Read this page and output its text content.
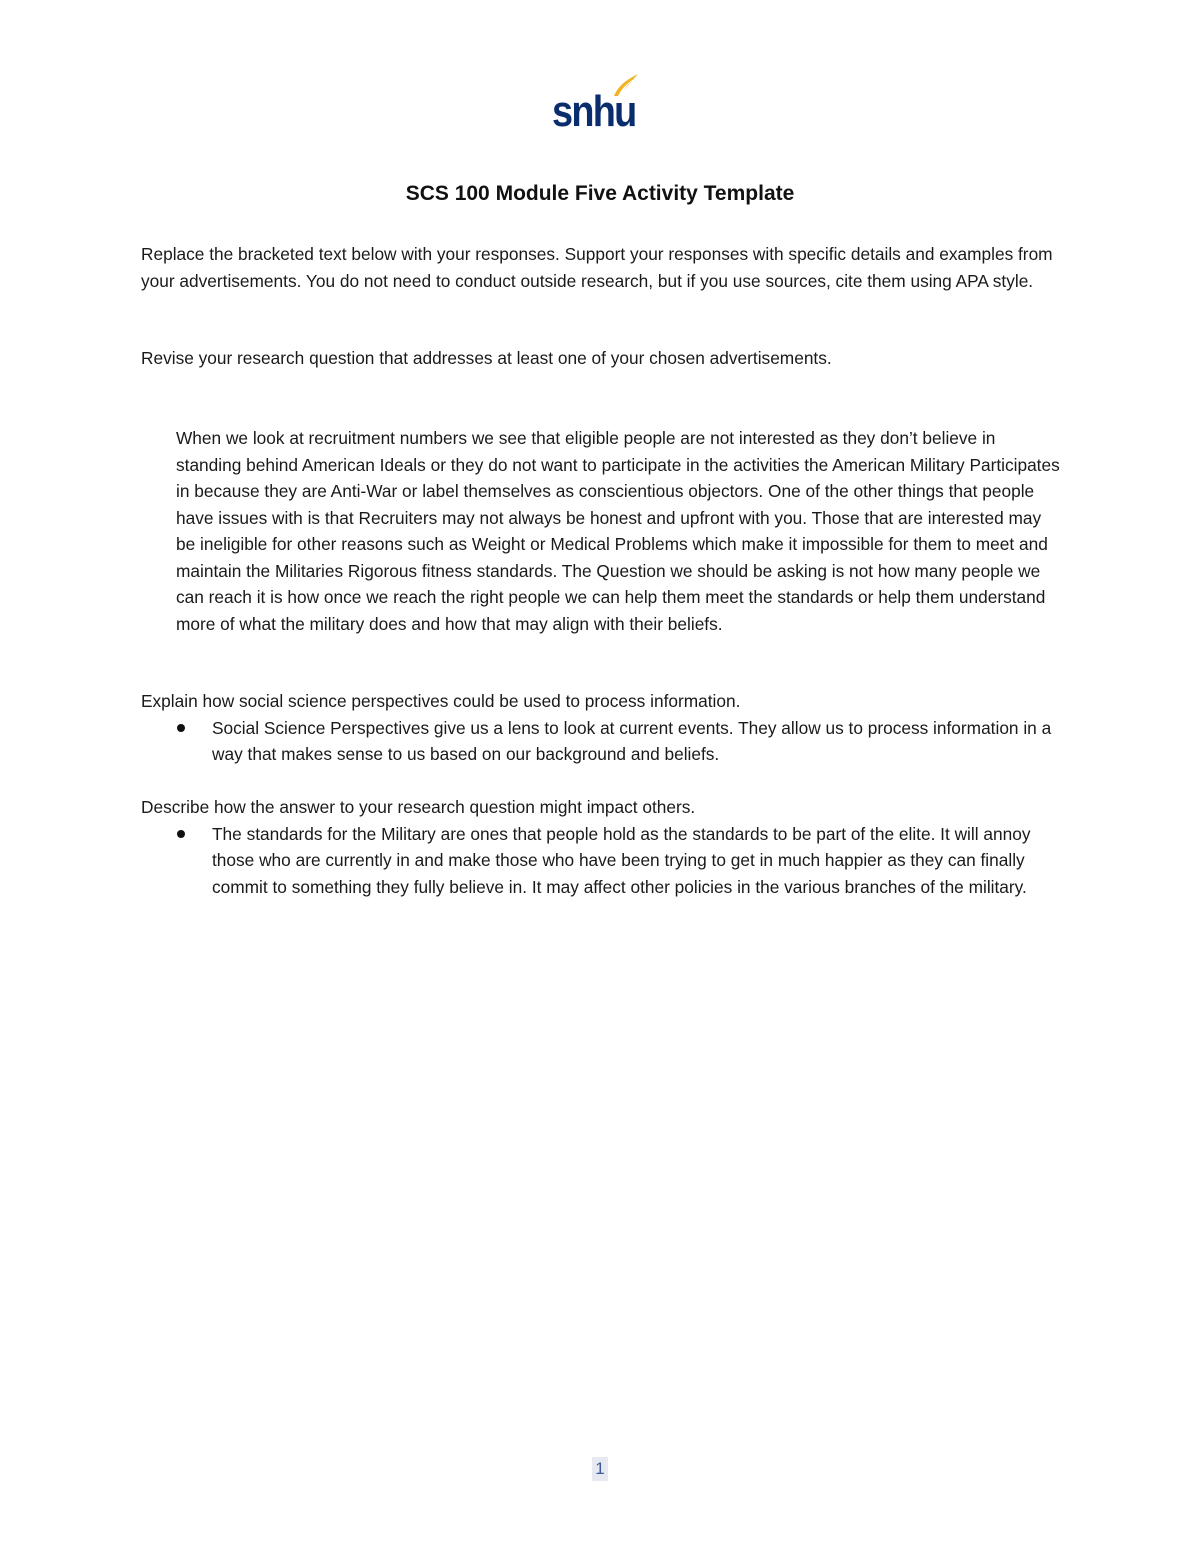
snhu
SCS 100 Module Five Activity Template

Replace the bracketed text below with your responses. Support your responses with specific details and examples from your advertisements. You do not need to conduct outside research, but if you use sources, cite them using APA style.

Revise your research question that addresses at least one of your chosen advertisements.

When we look at recruitment numbers we see that eligible people are not interested as they don’t believe in standing behind American Ideals or they do not want to participate in the activities the American Military Participates in because they are Anti-War or label themselves as conscientious objectors. One of the other things that people have issues with is that Recruiters may not always be honest and upfront with you. Those that are interested may be ineligible for other reasons such as Weight or Medical Problems which make it impossible for them to meet and maintain the Militaries Rigorous fitness standards. The Question we should be asking is not how many people we can reach it is how once we reach the right people we can help them meet the standards or help them understand more of what the military does and how that may align with their beliefs.

Explain how social science perspectives could be used to process information.

Social Science Perspectives give us a lens to look at current events. They allow us to process information in a way that makes sense to us based on our background and beliefs.

Describe how the answer to your research question might impact others.

The standards for the Military are ones that people hold as the standards to be part of the elite. It will annoy those who are currently in and make those who have been trying to get in much happier as they can finally commit to something they fully believe in. It may affect other policies in the various branches of the military.

1
